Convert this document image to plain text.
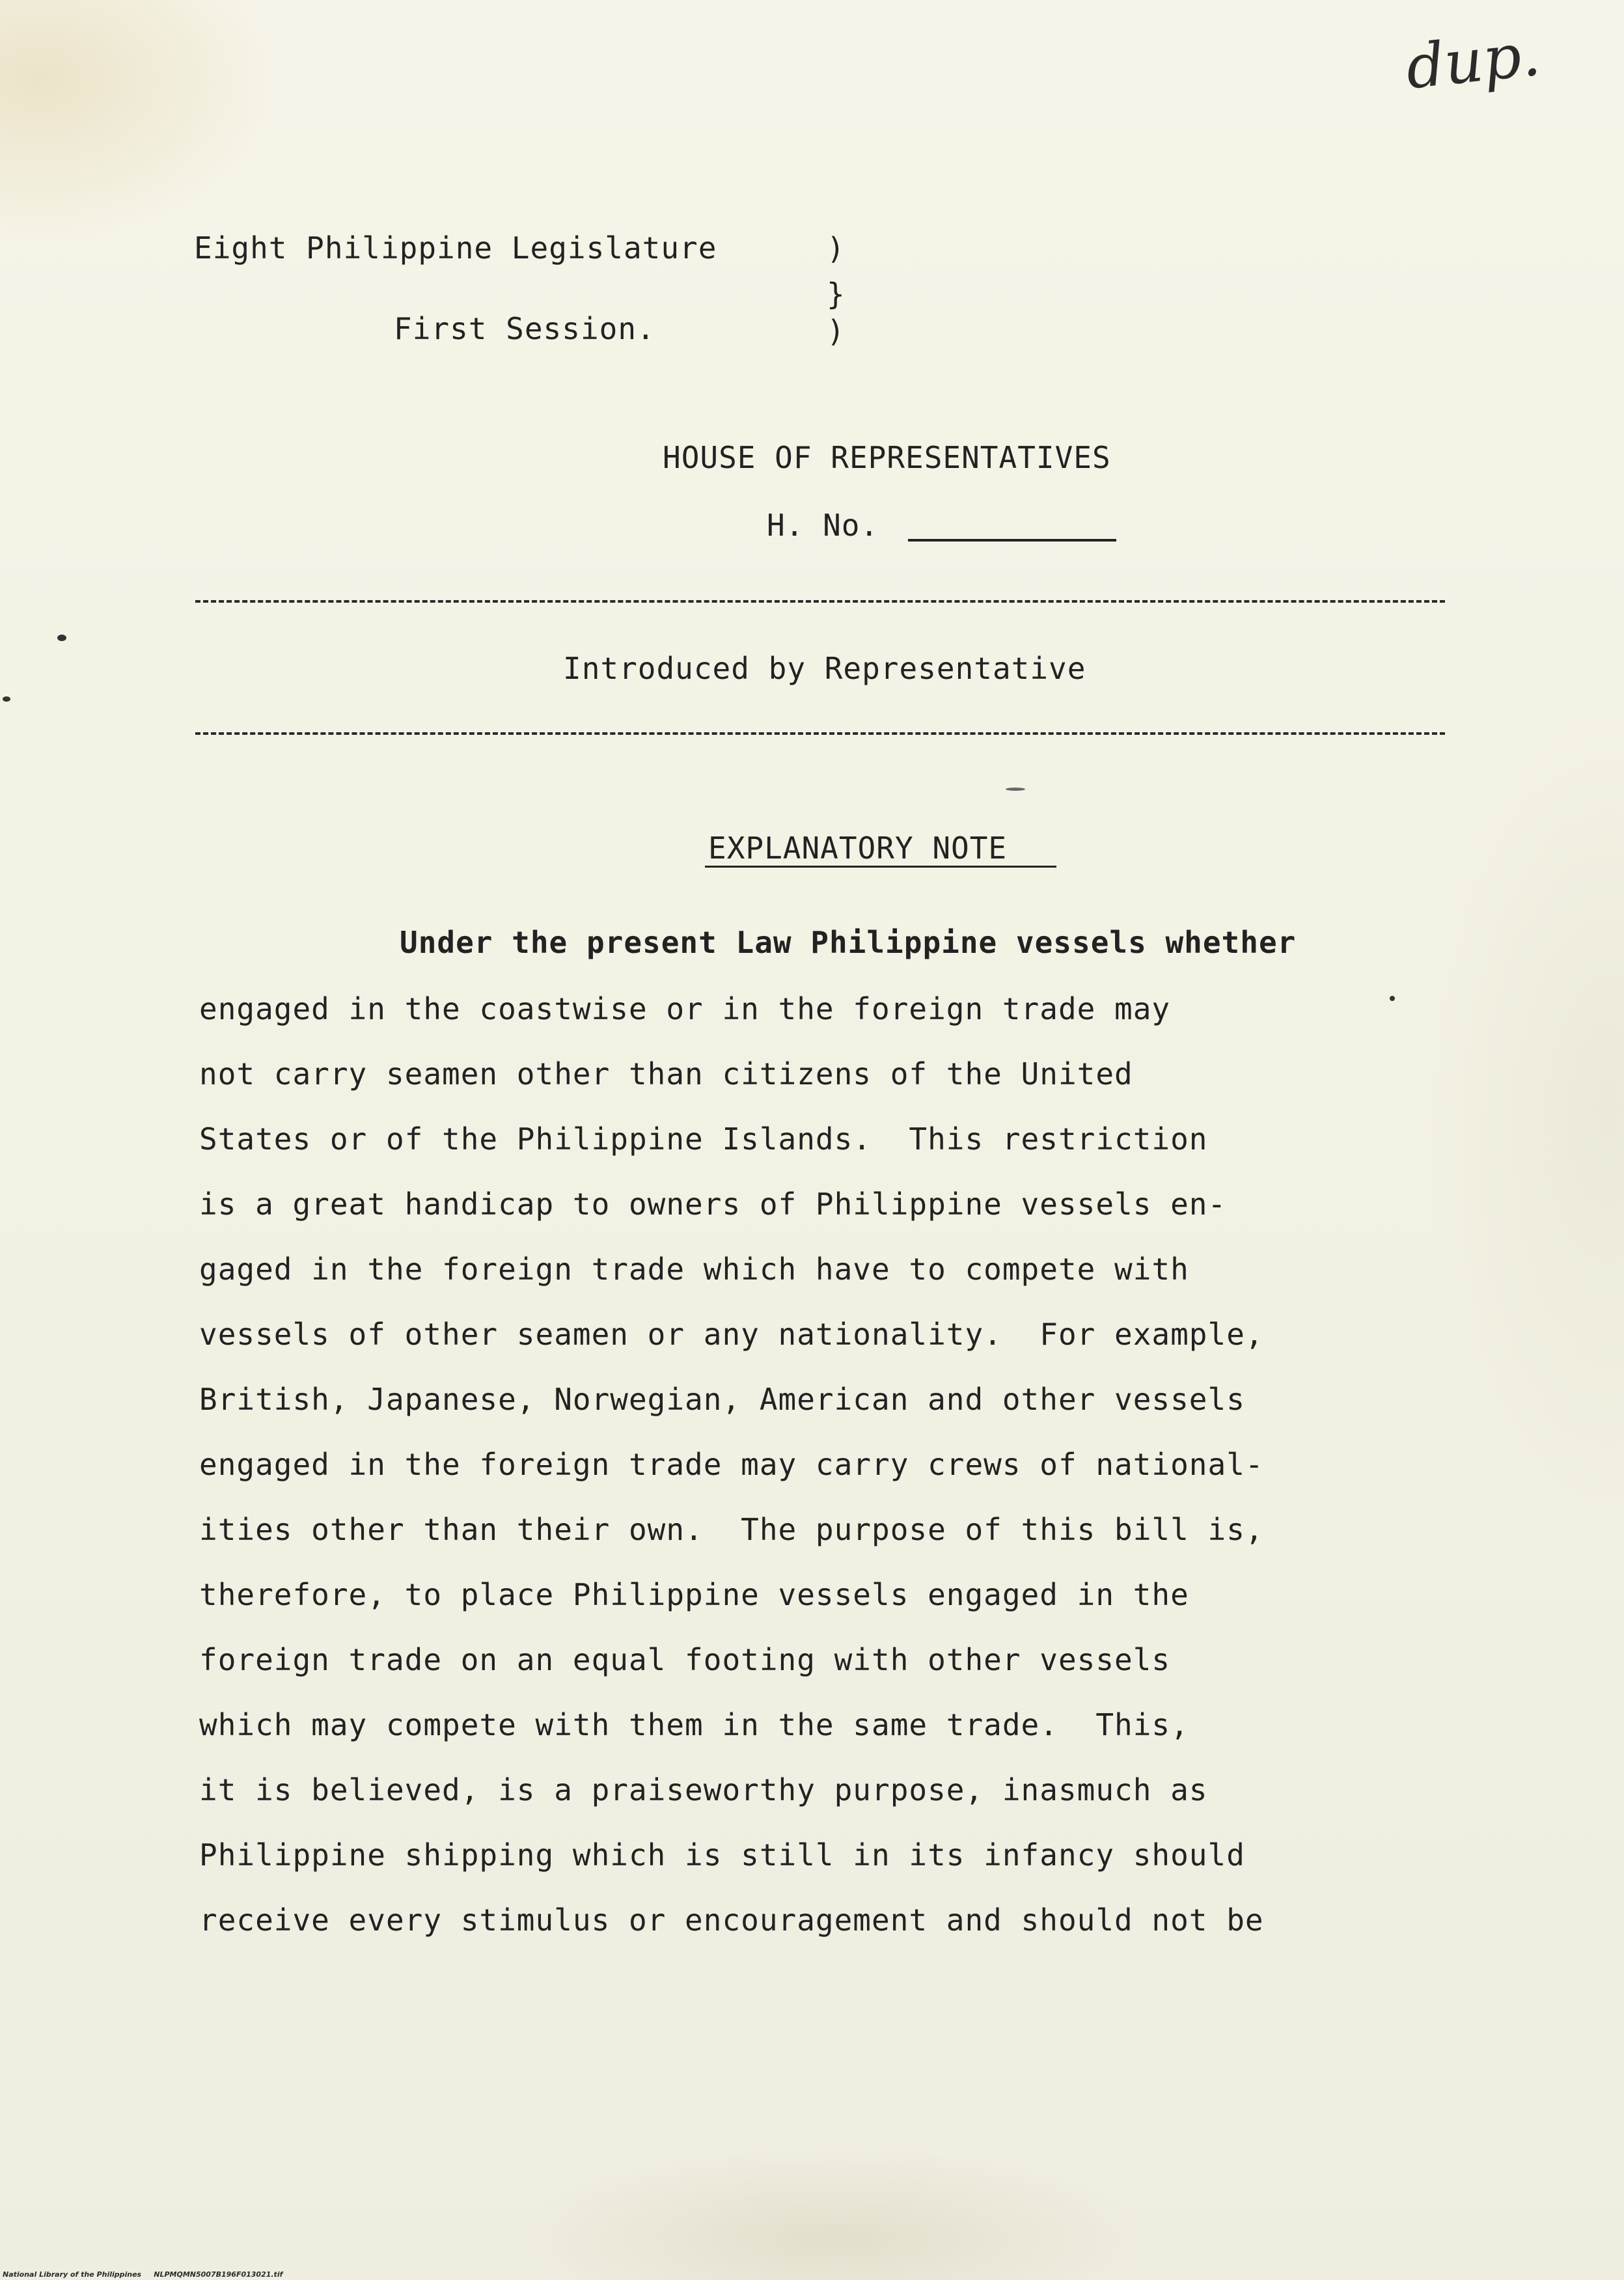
dup.
Eight Philippine Legislature
First Session.
)
}
)
HOUSE OF REPRESENTATIVES
H. No.
Introduced by Representative
EXPLANATORY NOTE
Under the present Law Philippine vessels whether
engaged in the coastwise or in the foreign trade may
not carry seamen other than citizens of the United
States or of the Philippine Islands.  This restriction
is a great handicap to owners of Philippine vessels en-
gaged in the foreign trade which have to compete with
vessels of other seamen or any nationality.  For example,
British, Japanese, Norwegian, American and other vessels
engaged in the foreign trade may carry crews of national-
ities other than their own.  The purpose of this bill is,
therefore, to place Philippine vessels engaged in the
foreign trade on an equal footing with other vessels
which may compete with them in the same trade.  This,
it is believed, is a praiseworthy purpose, inasmuch as
Philippine shipping which is still in its infancy should
receive every stimulus or encouragement and should not be
National Library of the Philippines     NLPMQMN5007B196F013021.tif
